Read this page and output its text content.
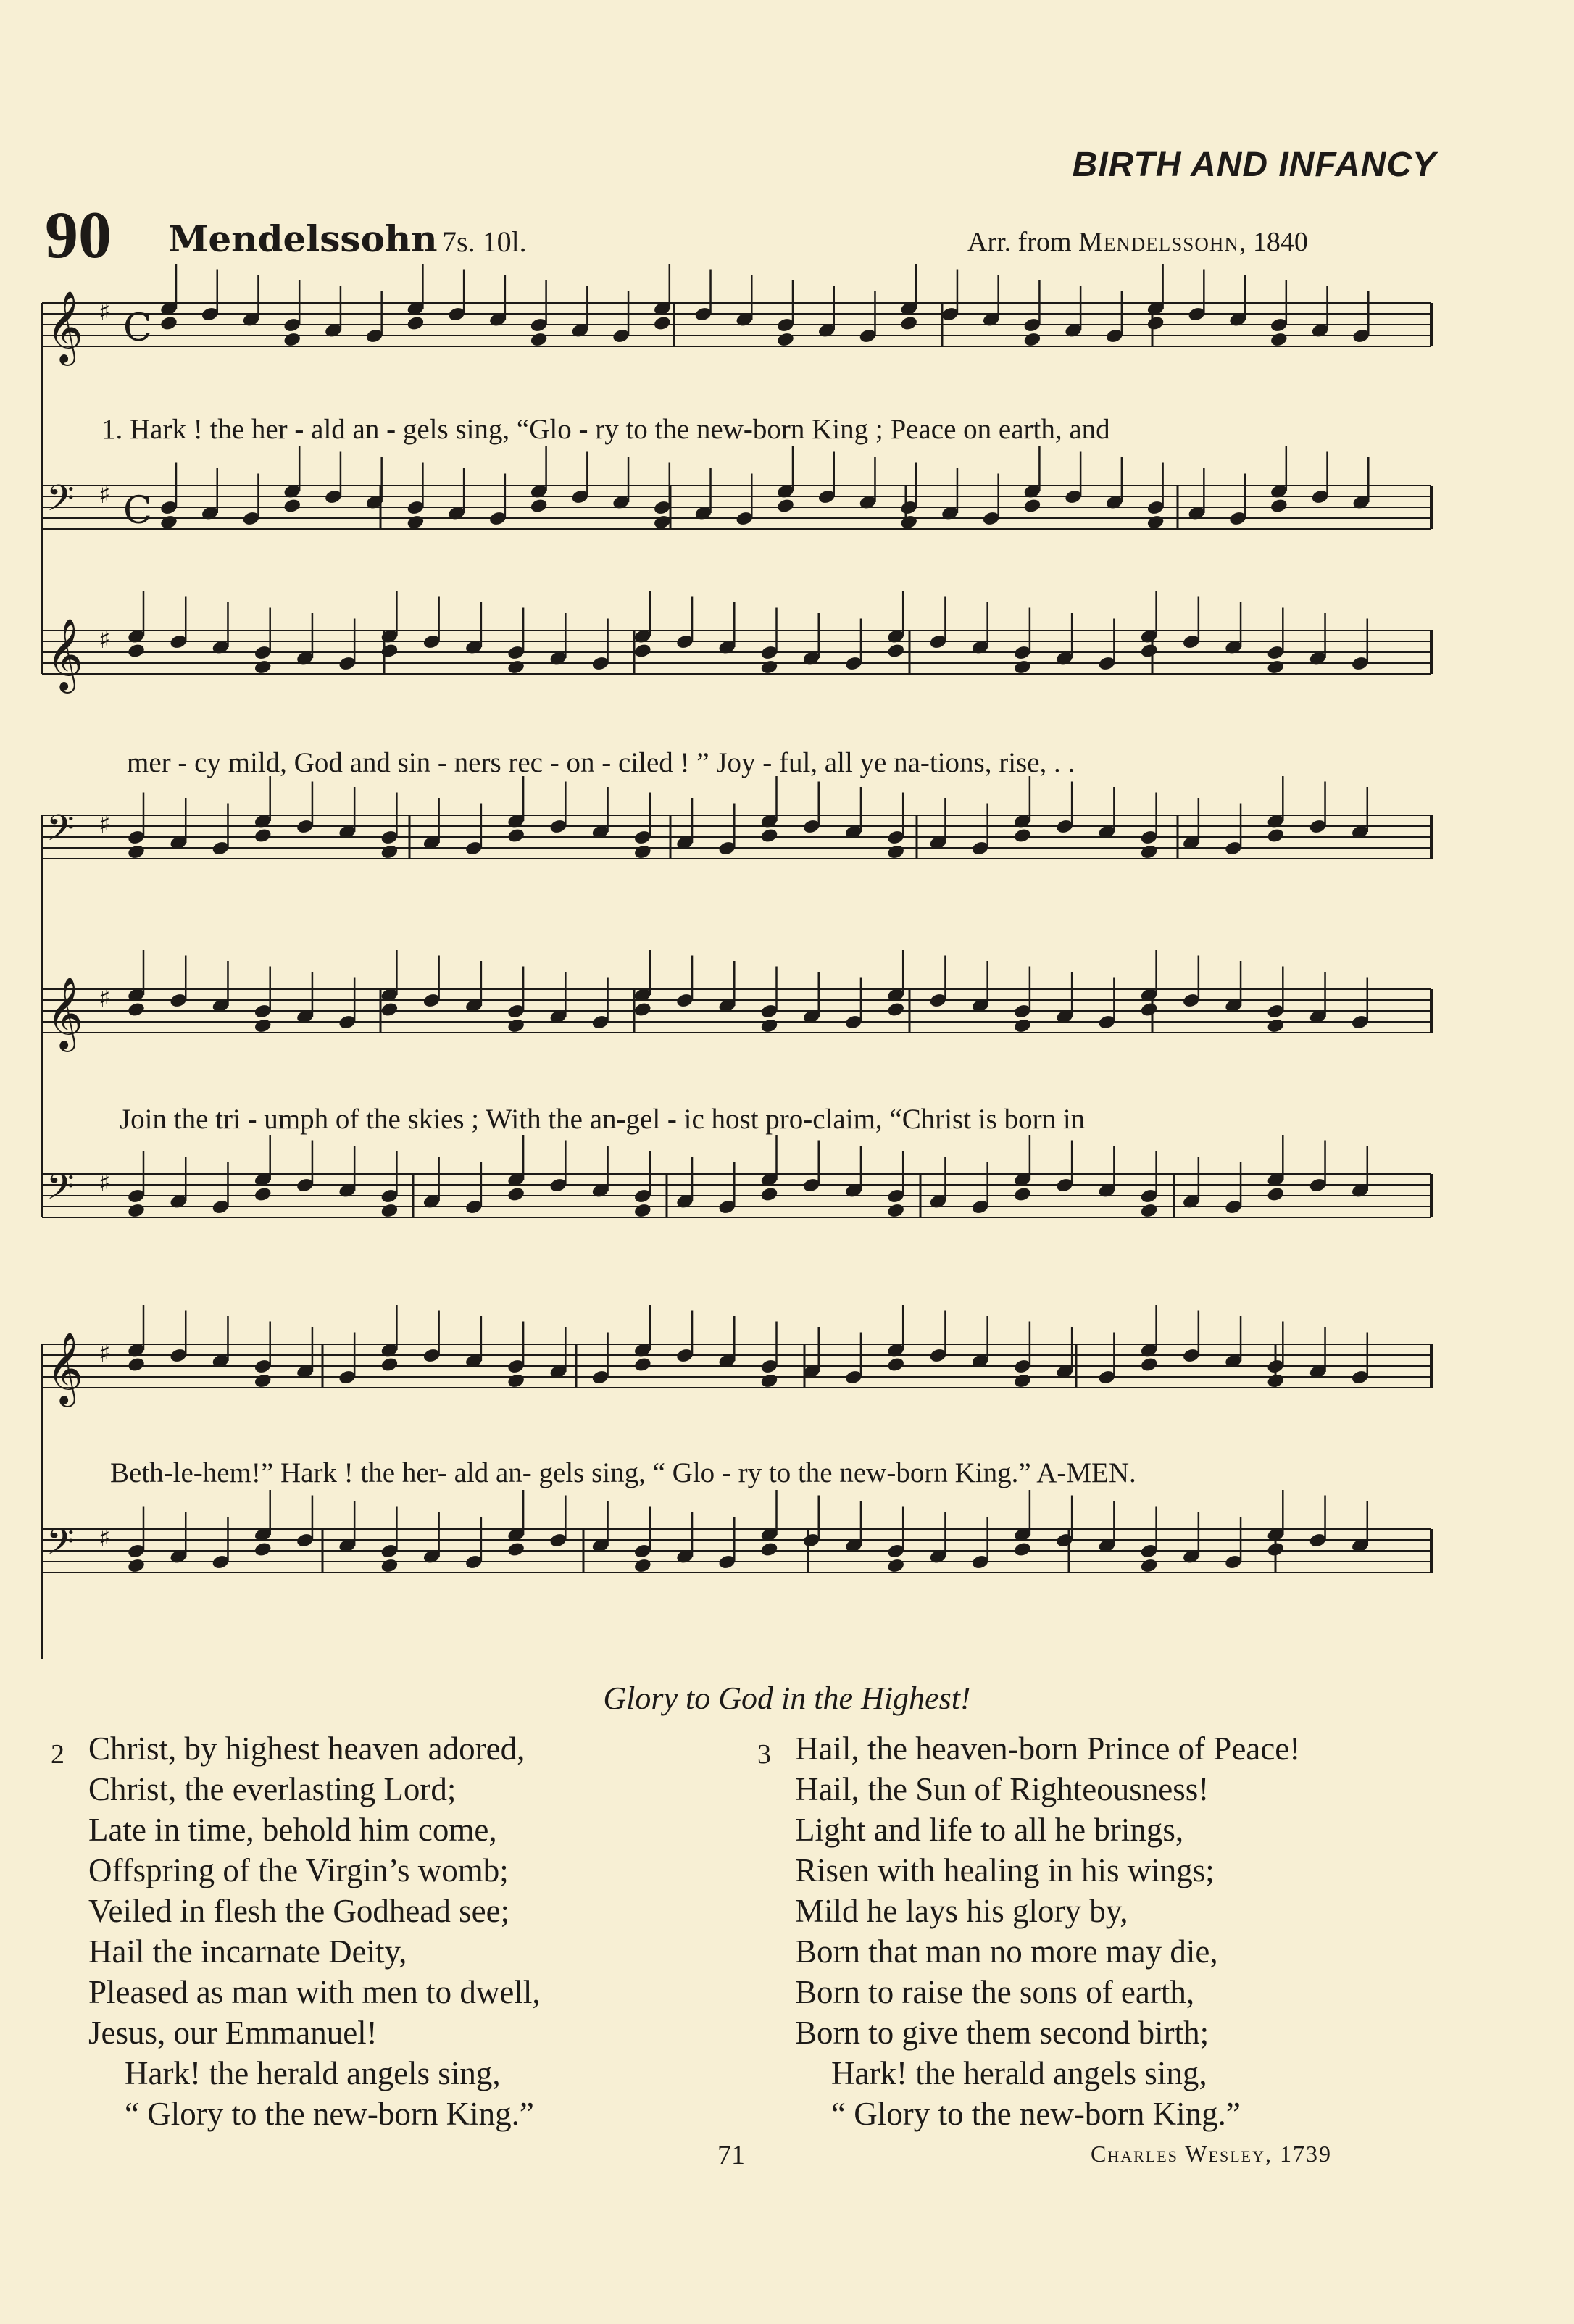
BIRTH AND INFANCY
90 Mendelssohn 7s. 10l.	Arr. from Mendelssohn, 1840
𝄞 ♯
𝄢 ♯
𝄞 ♯
𝄢 ♯
𝄞 ♯
𝄢 ♯
𝄞 ♯
𝄢 ♯
C
C
1. Hark ! the her - ald an - gels sing, “Glo - ry to the new-born King ; Peace on earth, and
mer - cy mild, God and sin - ners rec - on - ciled ! ” Joy - ful, all ye na-tions, rise, . .
Join the tri - umph of the skies ; With the an-gel - ic host pro-claim, “Christ is born in
Beth-le-hem!” Hark ! the her- ald an- gels sing, “ Glo - ry to the new-born King.” A-MEN.
Glory to God in the Highest!
2 Christ, by highest heaven adored,
Christ, the everlasting Lord;
Late in time, behold him come,
Offspring of the Virgin’s womb;
Veiled in flesh the Godhead see;
Hail the incarnate Deity,
Pleased as man with men to dwell,
Jesus, our Emmanuel!
Hark! the herald angels sing,
“ Glory to the new-born King.”
3 Hail, the heaven-born Prince of Peace!
Hail, the Sun of Righteousness!
Light and life to all he brings,
Risen with healing in his wings;
Mild he lays his glory by,
Born that man no more may die,
Born to raise the sons of earth,
Born to give them second birth;
Hark! the herald angels sing,
“ Glory to the new-born King.”
71	Charles Wesley, 1739
